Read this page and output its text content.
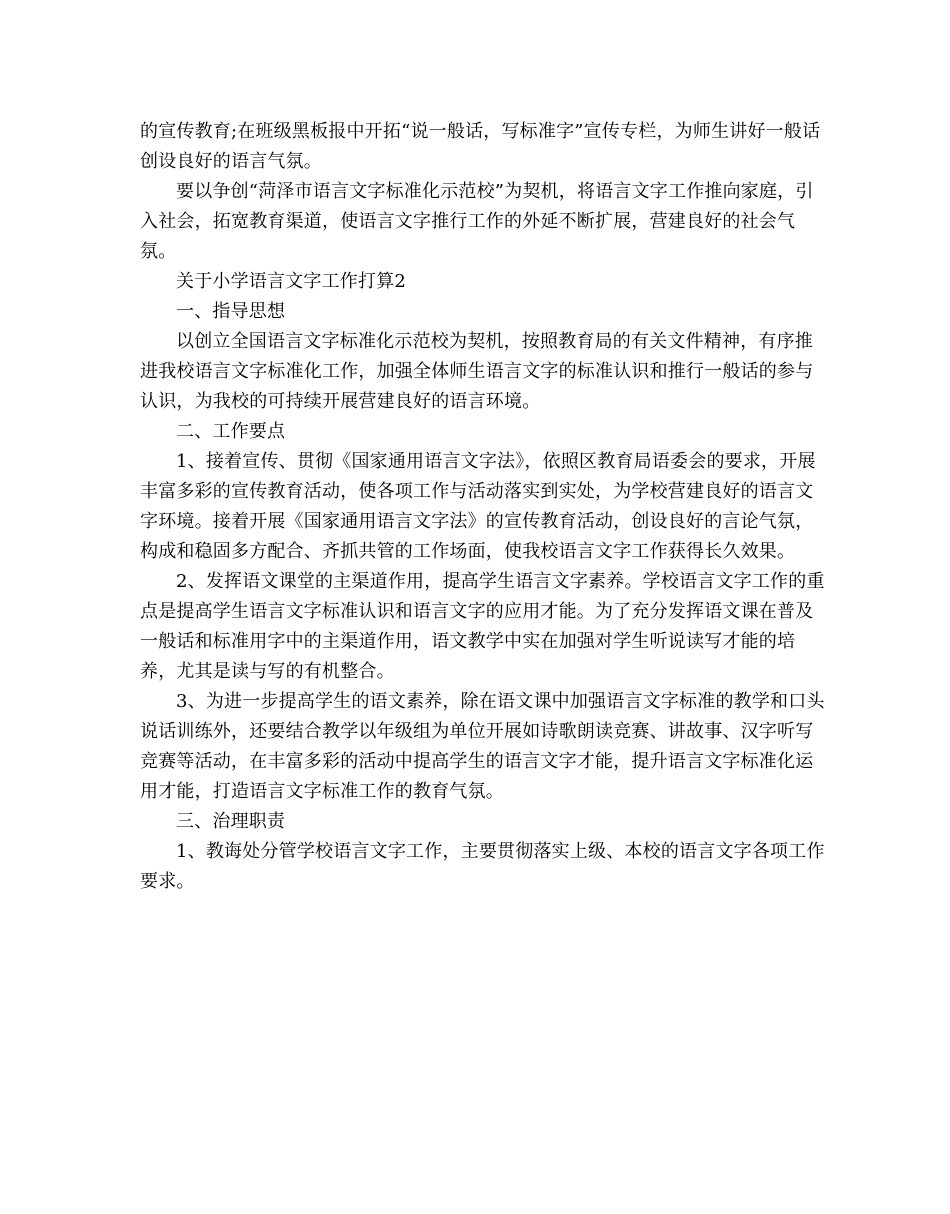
的宣传教育;在班级黑板报中开拓“说一般话，写标准字”宣传专栏，为师生讲好一般话创设良好的语言气氛。

要以争创“菏泽市语言文字标准化示范校”为契机，将语言文字工作推向家庭，引入社会，拓宽教育渠道，使语言文字推行工作的外延不断扩展，营建良好的社会气氛。

关于小学语言文字工作打算2

一、指导思想

以创立全国语言文字标准化示范校为契机，按照教育局的有关文件精神，有序推进我校语言文字标准化工作，加强全体师生语言文字的标准认识和推行一般话的参与认识，为我校的可持续开展营建良好的语言环境。

二、工作要点

1、接着宣传、贯彻《国家通用语言文字法》，依照区教育局语委会的要求，开展丰富多彩的宣传教育活动，使各项工作与活动落实到实处，为学校营建良好的语言文字环境。接着开展《国家通用语言文字法》的宣传教育活动，创设良好的言论气氛，构成和稳固多方配合、齐抓共管的工作场面，使我校语言文字工作获得长久效果。

2、发挥语文课堂的主渠道作用，提高学生语言文字素养。学校语言文字工作的重点是提高学生语言文字标准认识和语言文字的应用才能。为了充分发挥语文课在普及一般话和标准用字中的主渠道作用，语文教学中实在加强对学生听说读写才能的培养，尤其是读与写的有机整合。

3、为进一步提高学生的语文素养，除在语文课中加强语言文字标准的教学和口头说话训练外，还要结合教学以年级组为单位开展如诗歌朗读竞赛、讲故事、汉字听写竞赛等活动，在丰富多彩的活动中提高学生的语言文字才能，提升语言文字标准化运用才能，打造语言文字标准工作的教育气氛。

三、治理职责

1、教诲处分管学校语言文字工作，主要贯彻落实上级、本校的语言文字各项工作要求。
